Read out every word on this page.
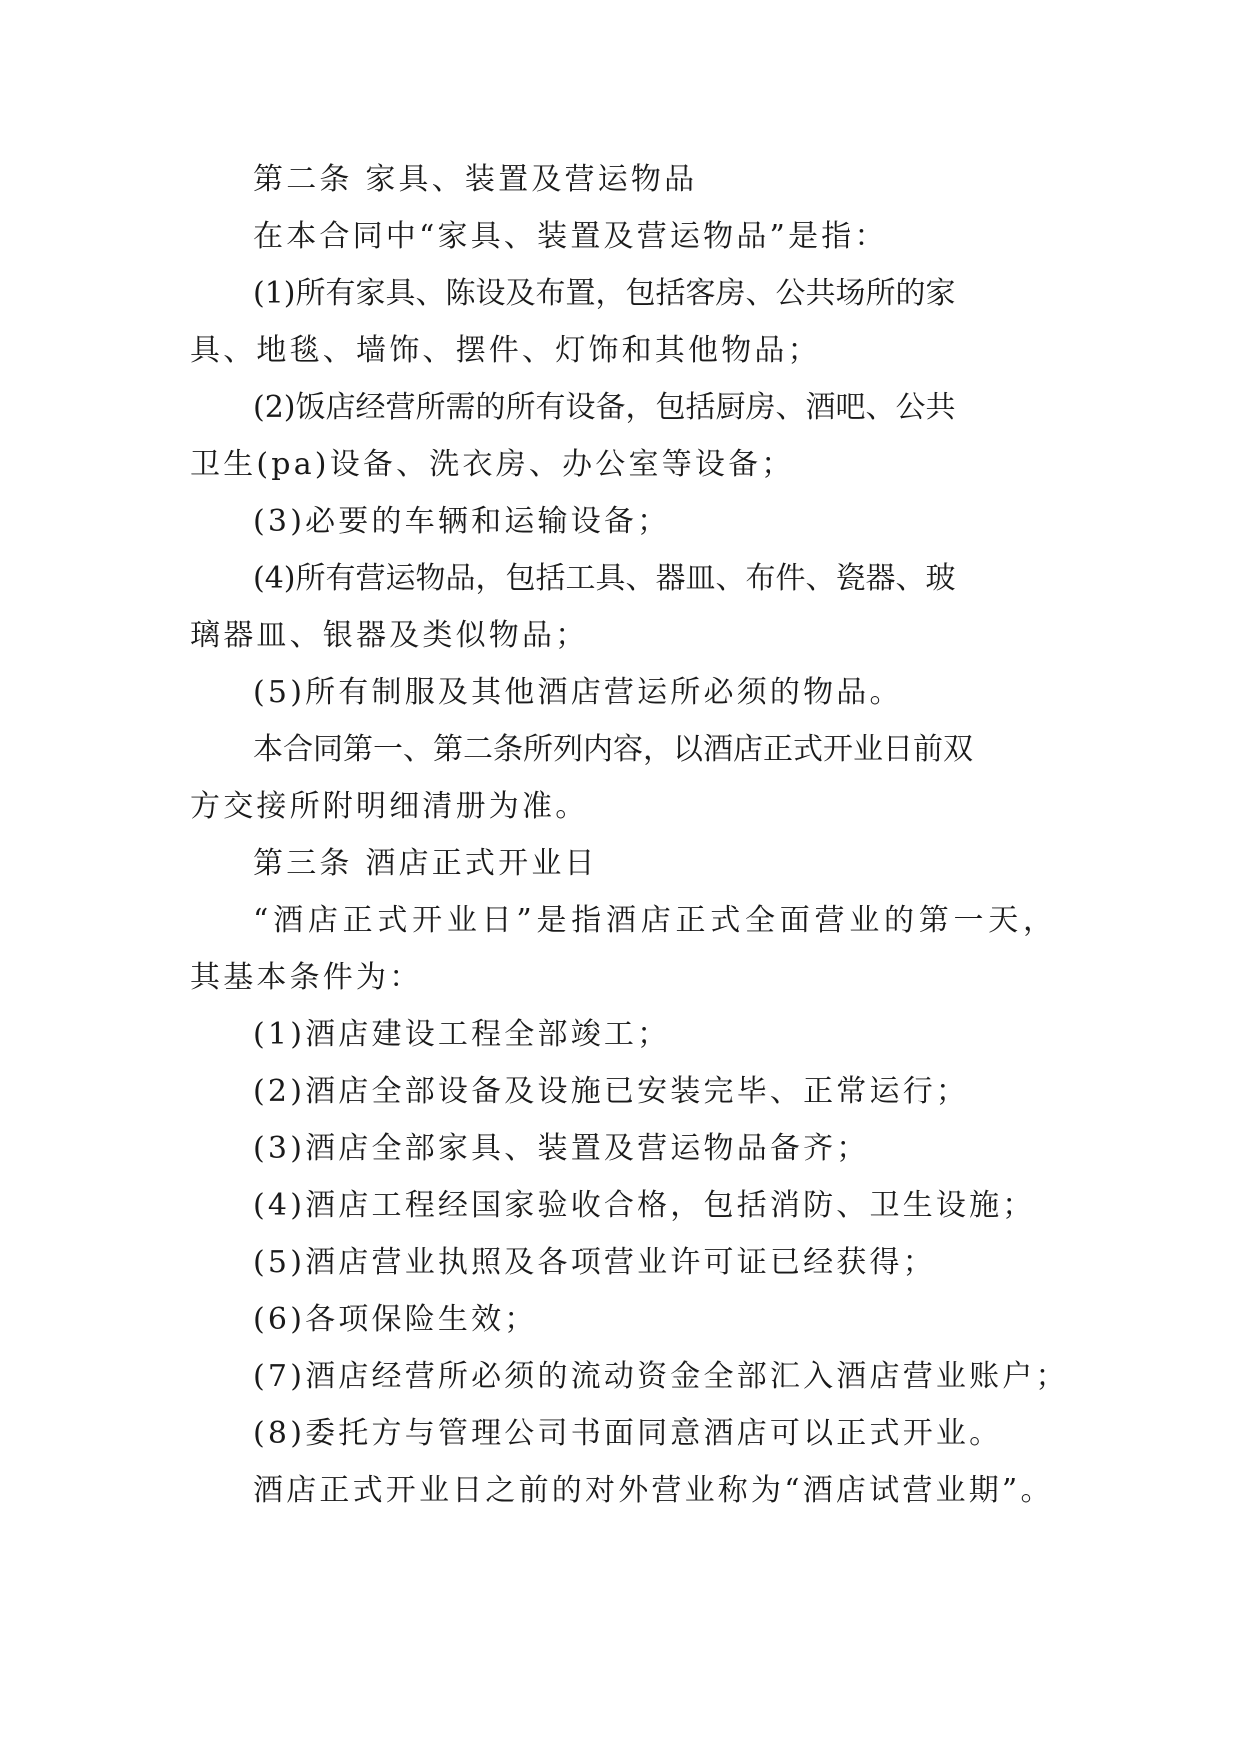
第二条 家具、装置及营运物品

在本合同中“家具、装置及营运物品”是指：

(1)所有家具、陈设及布置，包括客房、公共场所的家

具、地毯、墙饰、摆件、灯饰和其他物品；

(2)饭店经营所需的所有设备，包括厨房、酒吧、公共

卫生(pa)设备、洗衣房、办公室等设备；

(3)必要的车辆和运输设备；

(4)所有营运物品，包括工具、器皿、布件、瓷器、玻

璃器皿、银器及类似物品；

(5)所有制服及其他酒店营运所必须的物品。

本合同第一、第二条所列内容，以酒店正式开业日前双

方交接所附明细清册为准。

第三条 酒店正式开业日

“酒店正式开业日”是指酒店正式全面营业的第一天，

其基本条件为：

(1)酒店建设工程全部竣工；

(2)酒店全部设备及设施已安装完毕、正常运行；

(3)酒店全部家具、装置及营运物品备齐；

(4)酒店工程经国家验收合格，包括消防、卫生设施；

(5)酒店营业执照及各项营业许可证已经获得；

(6)各项保险生效；

(7)酒店经营所必须的流动资金全部汇入酒店营业账户；

(8)委托方与管理公司书面同意酒店可以正式开业。

酒店正式开业日之前的对外营业称为“酒店试营业期”。
